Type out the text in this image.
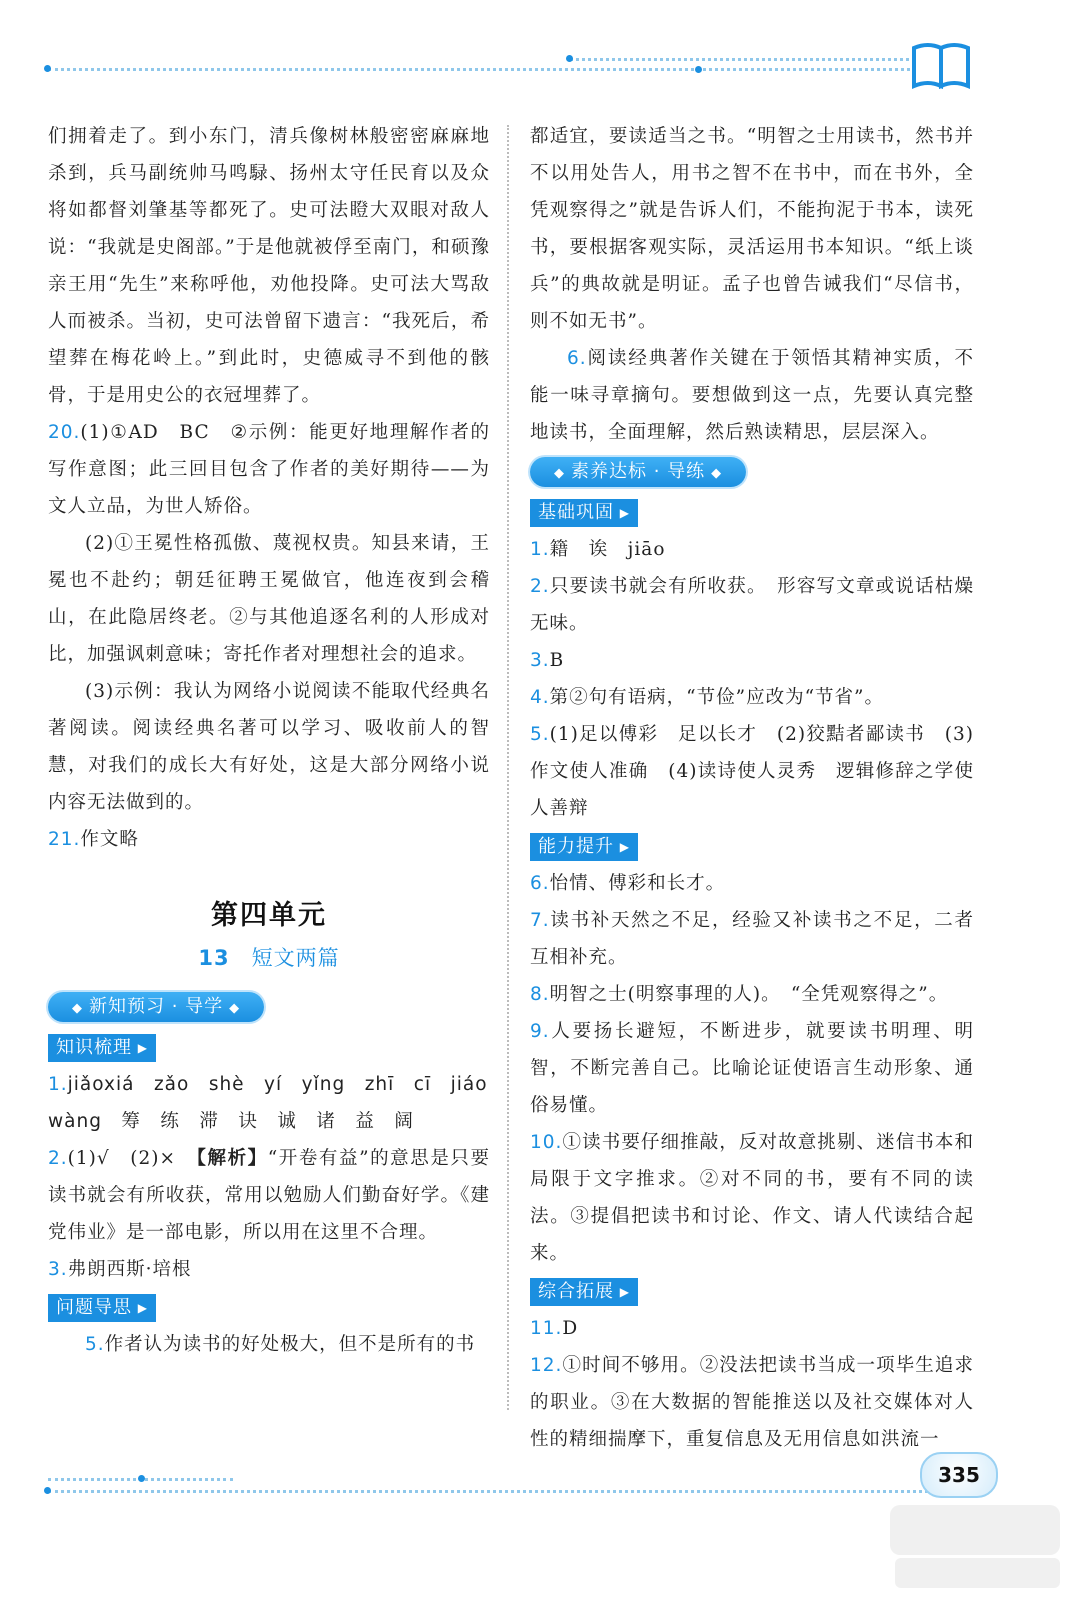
们拥着走了。到小东门，清兵像树林般密密麻麻地杀到，兵马副统帅马鸣騄、扬州太守任民育以及众将如都督刘肇基等都死了。史可法瞪大双眼对敌人说：“我就是史阁部。”于是他就被俘至南门，和硕豫亲王用“先生”来称呼他，劝他投降。史可法大骂敌人而被杀。当初，史可法曾留下遗言：“我死后，希望葬在梅花岭上。”到此时，史德威寻不到他的骸骨，于是用史公的衣冠埋葬了。

20.(1)①AD　BC　②示例：能更好地理解作者的写作意图；此三回目包含了作者的美好期待——为文人立品，为世人矫俗。

(2)①王冕性格孤傲、蔑视权贵。知县来请，王冕也不赴约；朝廷征聘王冕做官，他连夜到会稽山，在此隐居终老。②与其他追逐名利的人形成对比，加强讽刺意味；寄托作者对理想社会的追求。

(3)示例：我认为网络小说阅读不能取代经典名著阅读。阅读经典名著可以学习、吸收前人的智慧，对我们的成长大有好处，这是大部分网络小说内容无法做到的。

21.作文略

第四单元
13 短文两篇
◆ 新知预习 · 导学 ◆
知识梳理 ▶

1.jiǎoxiá　zǎo　shè　yí　yǐng　zhī　cī　jiáo

wàng　筹　练　滞　诀　诚　诸　益　阔

2.(1)√　(2)×　【解析】“开卷有益”的意思是只要读书就会有所收获，常用以勉励人们勤奋好学。《建党伟业》是一部电影，所以用在这里不合理。

3.弗朗西斯·培根

问题导思 ▶

5.作者认为读书的好处极大，但不是所有的书

都适宜，要读适当之书。“明智之士用读书，然书并不以用处告人，用书之智不在书中，而在书外，全凭观察得之”就是告诉人们，不能拘泥于书本，读死书，要根据客观实际，灵活运用书本知识。“纸上谈兵”的典故就是明证。孟子也曾告诫我们“尽信书，则不如无书”。

6.阅读经典著作关键在于领悟其精神实质，不能一味寻章摘句。要想做到这一点，先要认真完整地读书，全面理解，然后熟读精思，层层深入。

◆ 素养达标 · 导练 ◆
基础巩固 ▶

1.籍　诶　jiāo

2.只要读书就会有所收获。　形容写文章或说话枯燥无味。

3.B

4.第②句有语病，“节俭”应改为“节省”。

5.(1)足以傅彩　足以长才　(2)狡黠者鄙读书　(3)作文使人准确　(4)读诗使人灵秀　逻辑修辞之学使人善辩

能力提升 ▶

6.怡情、傅彩和长才。

7.读书补天然之不足，经验又补读书之不足，二者互相补充。

8.明智之士(明察事理的人)。　“全凭观察得之”。

9.人要扬长避短，不断进步，就要读书明理、明智，不断完善自己。比喻论证使语言生动形象、通俗易懂。

10.①读书要仔细推敲，反对故意挑剔、迷信书本和局限于文字推求。②对不同的书，要有不同的读法。③提倡把读书和讨论、作文、请人代读结合起来。

综合拓展 ▶

11.D

12.①时间不够用。②没法把读书当成一项毕生追求的职业。③在大数据的智能推送以及社交媒体对人性的精细揣摩下，重复信息及无用信息如洪流一

335
